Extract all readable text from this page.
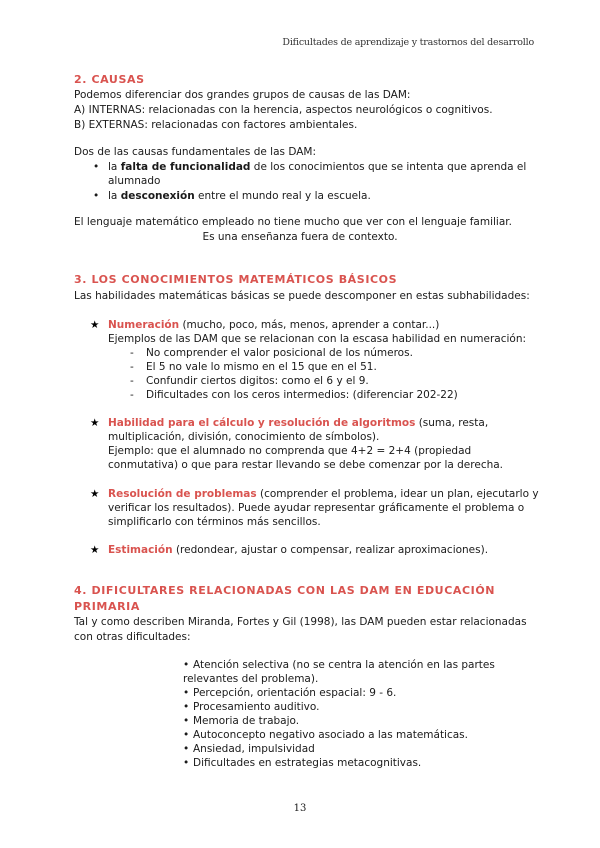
Dificultades de aprendizaje y trastornos del desarrollo
2. CAUSAS
Podemos diferenciar dos grandes grupos de causas de las DAM:
A) INTERNAS: relacionadas con la herencia, aspectos neurológicos o cognitivos.
B) EXTERNAS: relacionadas con factores ambientales.
Dos de las causas fundamentales de las DAM:
• la falta de funcionalidad de los conocimientos que se intenta que aprenda el
alumnado
• la desconexión entre el mundo real y la escuela.
El lenguaje matemático empleado no tiene mucho que ver con el lenguaje familiar.
Es una enseñanza fuera de contexto.
3. LOS CONOCIMIENTOS MATEMÁTICOS BÁSICOS
Las habilidades matemáticas básicas se puede descomponer en estas subhabilidades:
★ Numeración (mucho, poco, más, menos, aprender a contar...)
Ejemplos de las DAM que se relacionan con la escasa habilidad en numeración:
- No comprender el valor posicional de los números.
- El 5 no vale lo mismo en el 15 que en el 51.
- Confundir ciertos digitos: como el 6 y el 9.
- Dificultades con los ceros intermedios: (diferenciar 202-22)
★ Habilidad para el cálculo y resolución de algoritmos (suma, resta,
multiplicación, división, conocimiento de símbolos).
Ejemplo: que el alumnado no comprenda que 4+2 = 2+4 (propiedad
conmutativa) o que para restar llevando se debe comenzar por la derecha.
★ Resolución de problemas (comprender el problema, idear un plan, ejecutarlo y
verificar los resultados). Puede ayudar representar gráficamente el problema o
simplificarlo con términos más sencillos.
★ Estimación (redondear, ajustar o compensar, realizar aproximaciones).
4. DIFICULTARES RELACIONADAS CON LAS DAM EN EDUCACIÓN
PRIMARIA
Tal y como describen Miranda, Fortes y Gil (1998), las DAM pueden estar relacionadas
con otras dificultades:
• Atención selectiva (no se centra la atención en las partes
relevantes del problema).
• Percepción, orientación espacial: 9 - 6.
• Procesamiento auditivo.
• Memoria de trabajo.
• Autoconcepto negativo asociado a las matemáticas.
• Ansiedad, impulsividad
• Dificultades en estrategias metacognitivas.
13
